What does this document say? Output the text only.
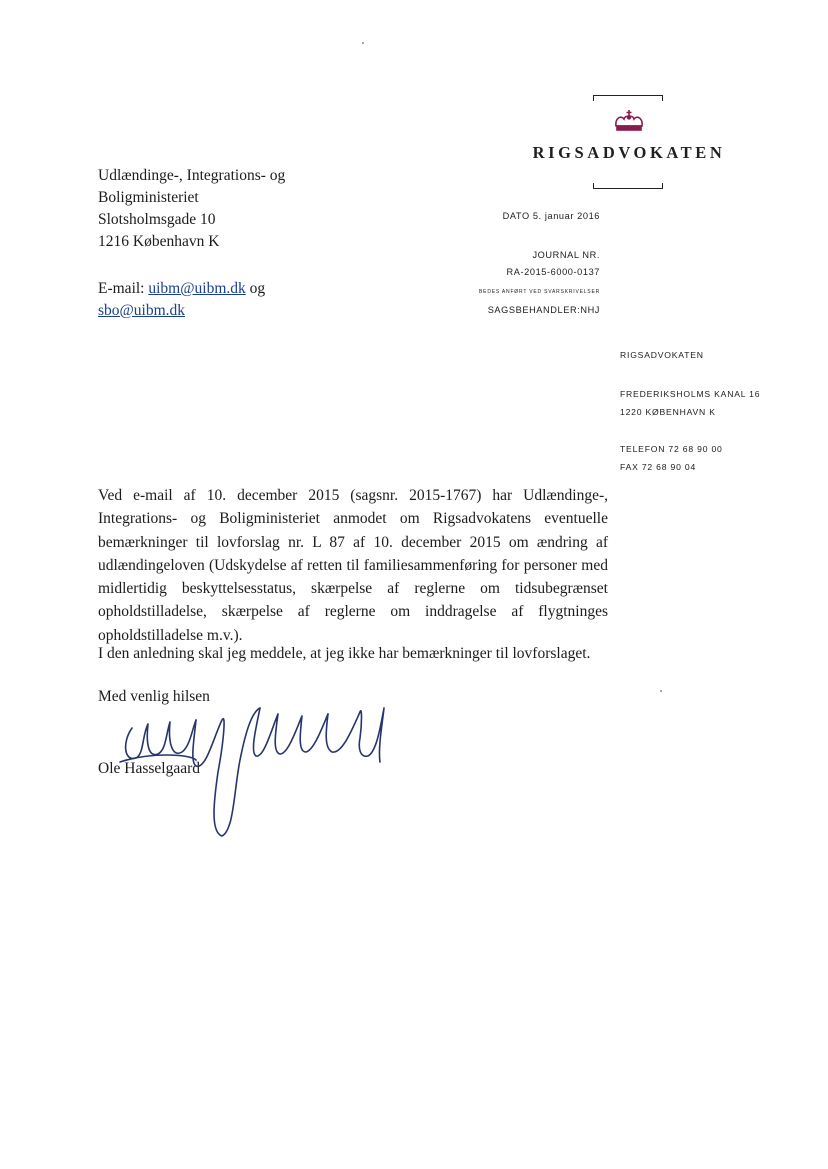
RIGSADVOKATEN
Udlændinge-, Integrations- og
Boligministeriet
Slotsholmsgade 10
1216 København K
E-mail: uibm@uibm.dk og
sbo@uibm.dk
DATO 5. januar 2016
JOURNAL NR.
RA-2015-6000-0137
BEDES ANFØRT VED SVARSKRIVELSER
SAGSBEHANDLER:NHJ
RIGSADVOKATEN
FREDERIKSHOLMS KANAL 16
1220 KØBENHAVN K
TELEFON 72 68 90 00
FAX 72 68 90 04
Ved e-mail af 10. december 2015 (sagsnr. 2015-1767) har Udlændinge-, Integrations- og Boligministeriet anmodet om Rigsadvokatens eventuelle bemærkninger til lovforslag nr. L 87 af 10. december 2015 om ændring af udlændingeloven (Udskydelse af retten til familiesammenføring for personer med midlertidig beskyttelsesstatus, skærpelse af reglerne om tidsubegrænset opholdstilladelse, skærpelse af reglerne om inddragelse af flygtninges opholdstilladelse m.v.).
I den anledning skal jeg meddele, at jeg ikke har bemærkninger til lovforslaget.
Med venlig hilsen
Ole Hasselgaard
